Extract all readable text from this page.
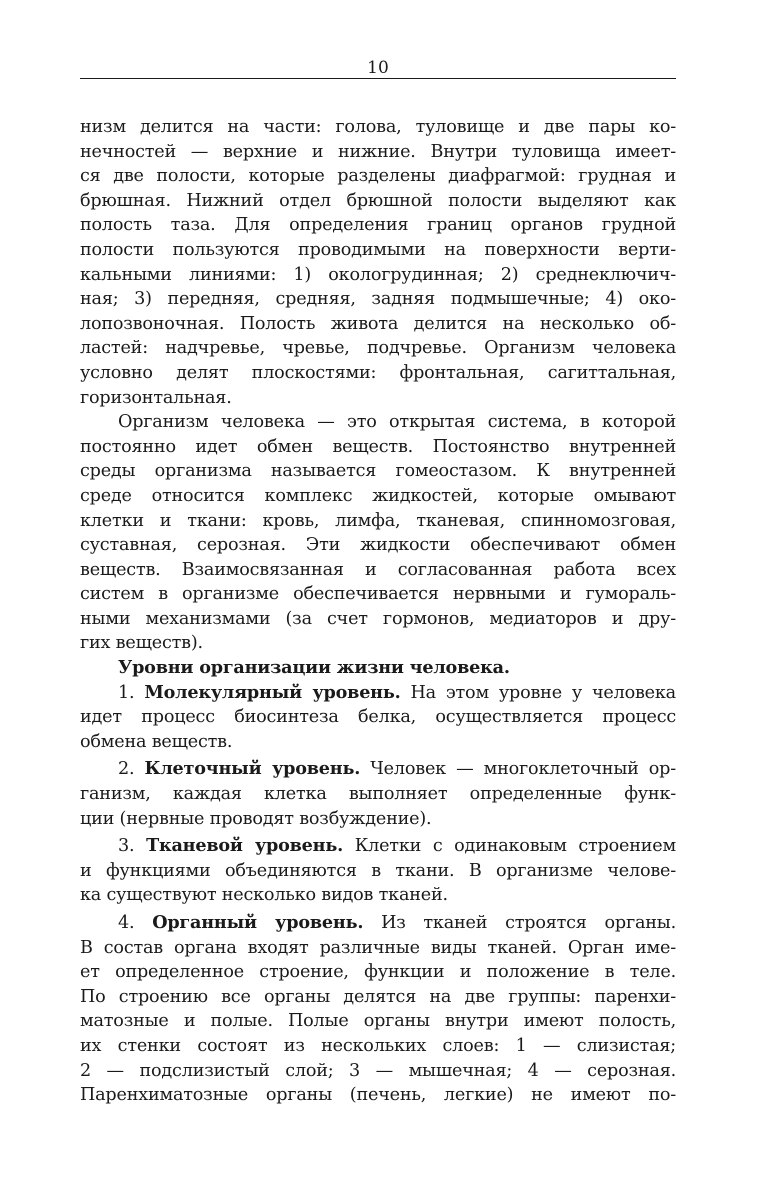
10
низм делится на части: голова, туловище и две пары ко-
нечностей — верхние и нижние. Внутри туловища имеет-
ся две полости, которые разделены диафрагмой: грудная и
брюшная. Нижний отдел брюшной полости выделяют как
полость таза. Для определения границ органов грудной
полости пользуются проводимыми на поверхности верти-
кальными линиями: 1) окологрудинная; 2) среднеключич-
ная; 3) передняя, средняя, задняя подмышечные; 4) око-
лопозвоночная. Полость живота делится на несколько об-
ластей: надчревье, чревье, подчревье. Организм человека
условно делят плоскостями: фронтальная, сагиттальная,
горизонтальная.
Организм человека — это открытая система, в которой
постоянно идет обмен веществ. Постоянство внутренней
среды организма называется гомеостазом. К внутренней
среде относится комплекс жидкостей, которые омывают
клетки и ткани: кровь, лимфа, тканевая, спинномозговая,
суставная, серозная. Эти жидкости обеспечивают обмен
веществ. Взаимосвязанная и согласованная работа всех
систем в организме обеспечивается нервными и гумораль-
ными механизмами (за счет гормонов, медиаторов и дру-
гих веществ).
Уровни организации жизни человека.
1. Молекулярный уровень. На этом уровне у человека
идет процесс биосинтеза белка, осуществляется процесс
обмена веществ.
2. Клеточный уровень. Человек — многоклеточный ор-
ганизм, каждая клетка выполняет определенные функ-
ции (нервные проводят возбуждение).
3. Тканевой уровень. Клетки с одинаковым строением
и функциями объединяются в ткани. В организме челове-
ка существуют несколько видов тканей.
4. Органный уровень. Из тканей строятся органы.
В состав органа входят различные виды тканей. Орган име-
ет определенное строение, функции и положение в теле.
По строению все органы делятся на две группы: паренхи-
матозные и полые. Полые органы внутри имеют полость,
их стенки состоят из нескольких слоев: 1 — слизистая;
2 — подслизистый слой; 3 — мышечная; 4 — серозная.
Паренхиматозные органы (печень, легкие) не имеют по-
